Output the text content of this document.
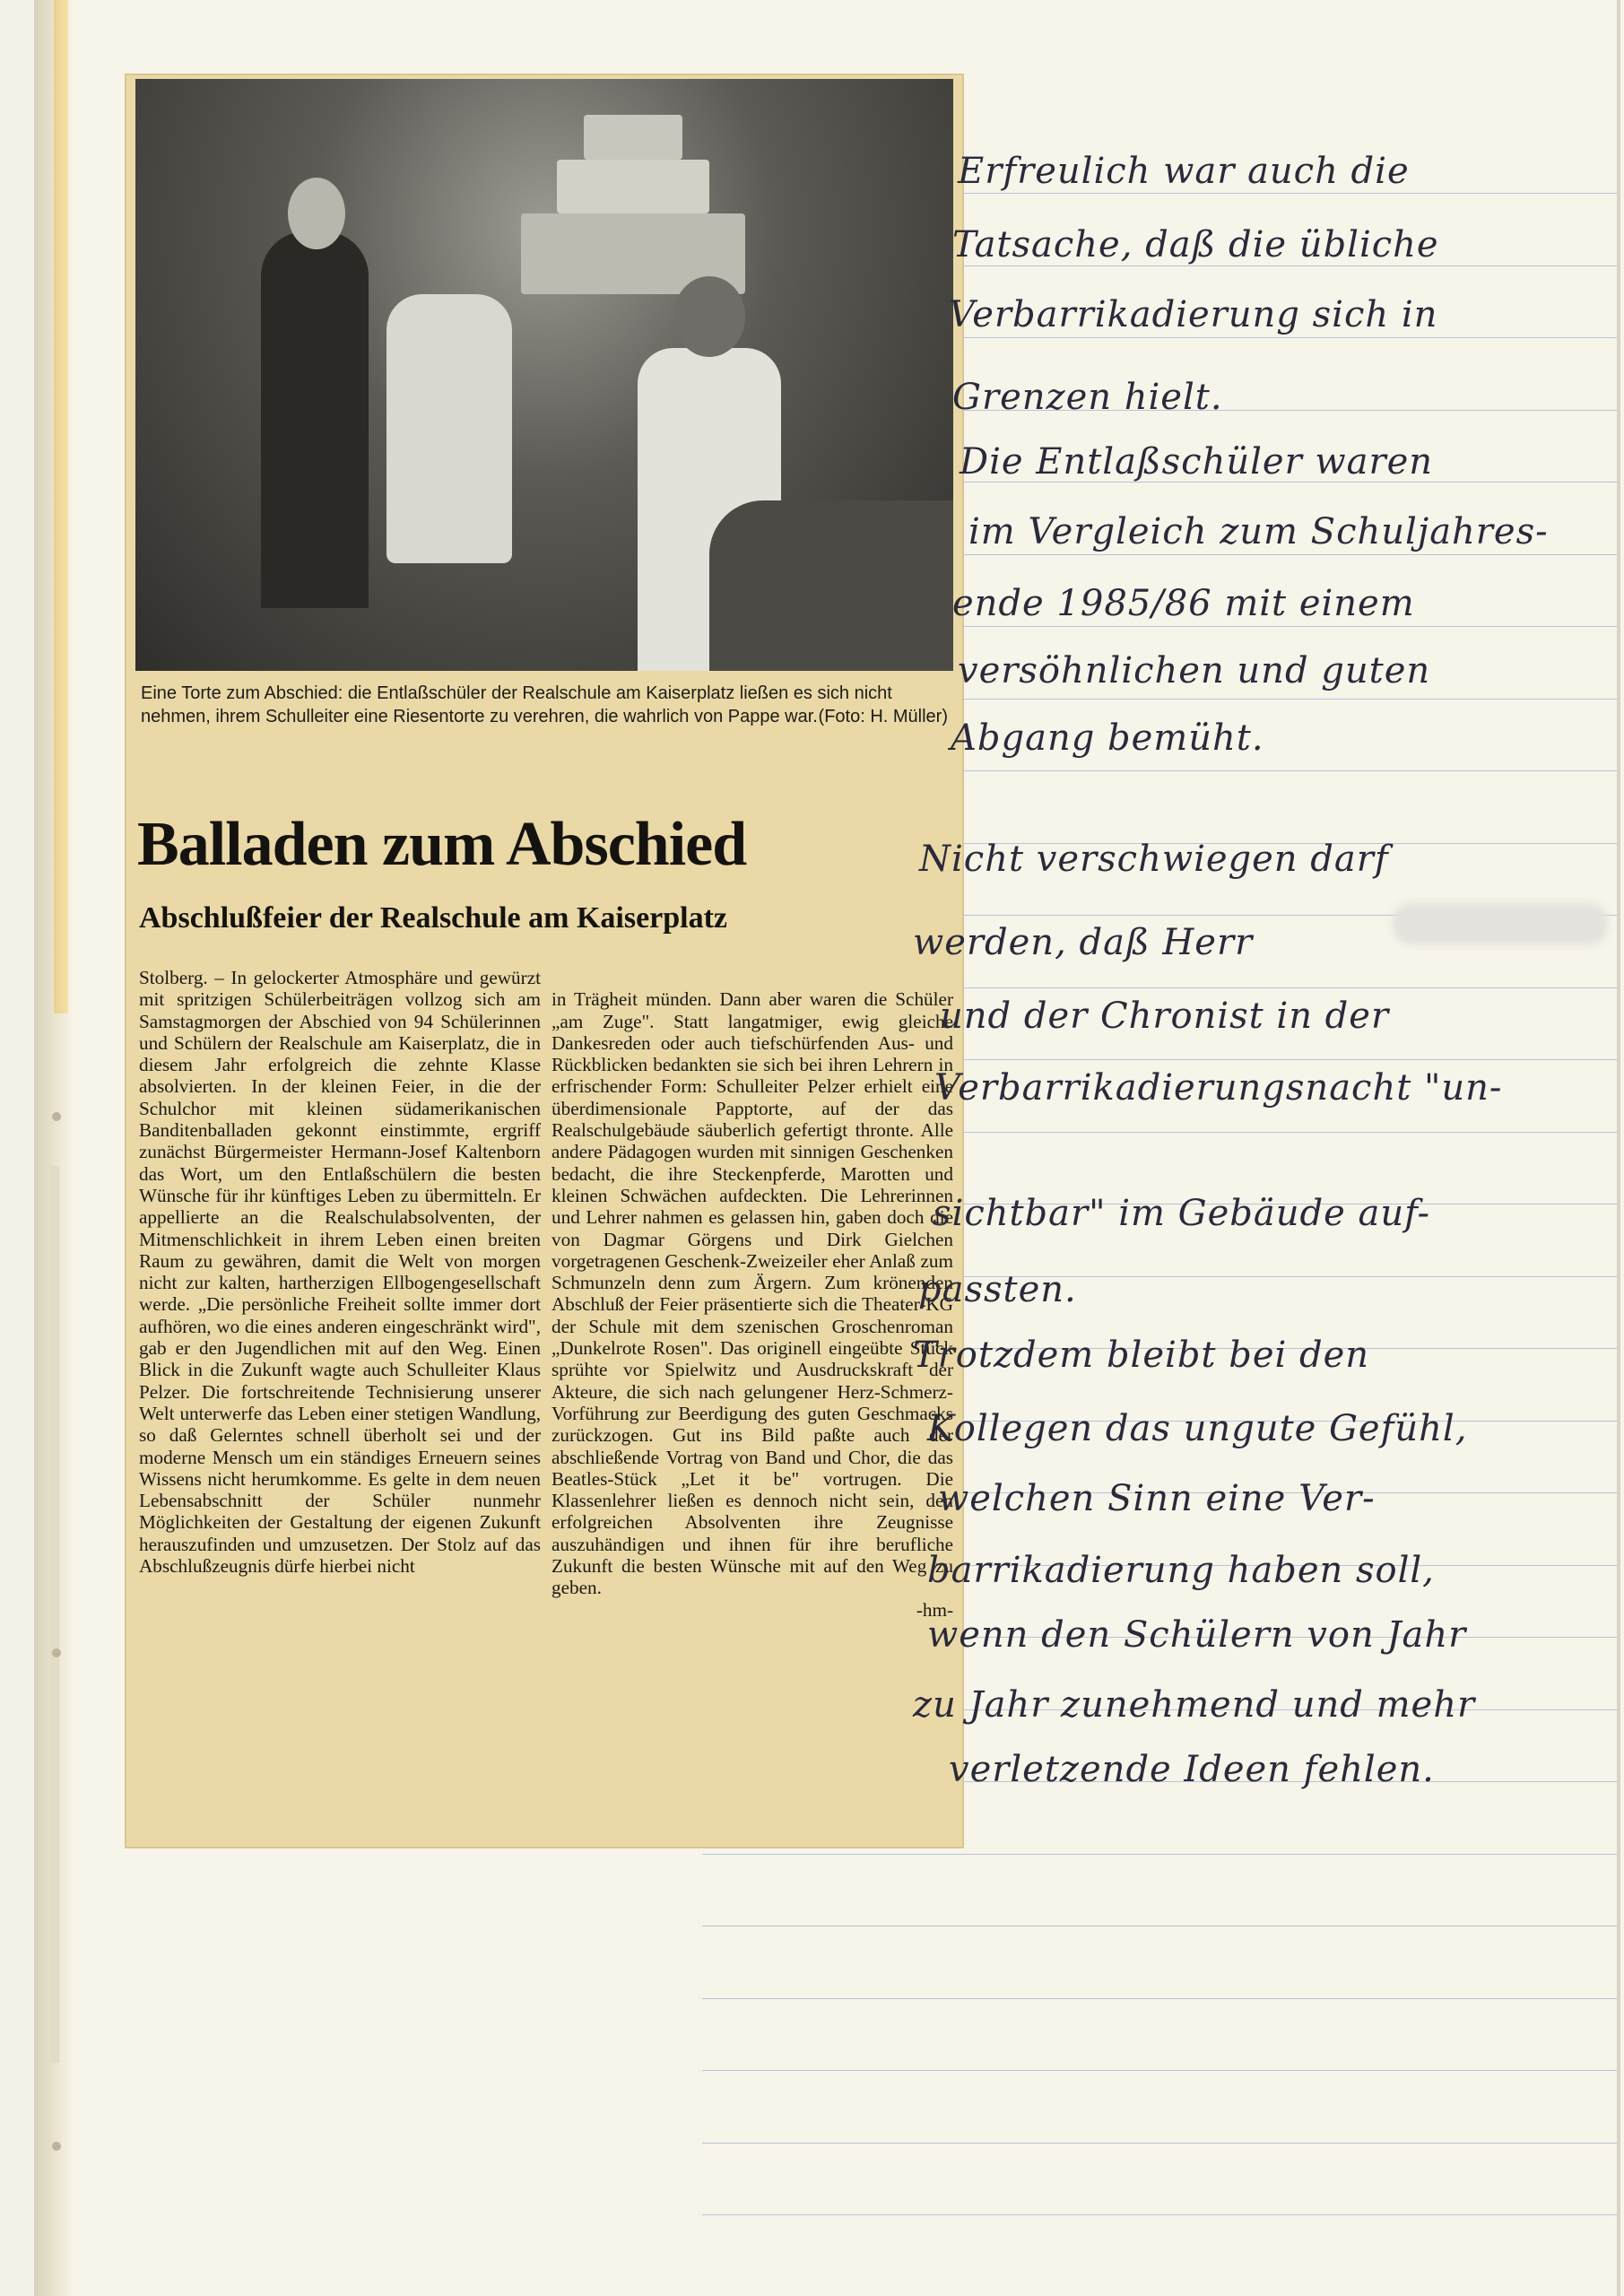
Eine Torte zum Abschied: die Entlaßschüler der Realschule am Kaiserplatz ließen es sich nicht nehmen, ihrem Schulleiter eine Riesentorte zu verehren, die wahrlich von Pappe war. (Foto: H. Müller)
Balladen zum Abschied
Abschlußfeier der Realschule am Kaiserplatz
Stolberg. – In gelockerter Atmosphäre und gewürzt mit spritzigen Schülerbeiträgen vollzog sich am Samstagmorgen der Abschied von 94 Schülerinnen und Schülern der Realschule am Kaiserplatz, die in diesem Jahr erfolgreich die zehnte Klasse absolvierten. In der kleinen Feier, in die der Schulchor mit kleinen südamerikanischen Banditenballaden gekonnt einstimmte, ergriff zunächst Bürgermeister Hermann-Josef Kaltenborn das Wort, um den Entlaßschülern die besten Wünsche für ihr künftiges Leben zu übermitteln. Er appellierte an die Realschulabsolventen, der Mitmenschlichkeit in ihrem Leben einen breiten Raum zu gewähren, damit die Welt von morgen nicht zur kalten, hartherzigen Ellbogengesellschaft werde. „Die persönliche Freiheit sollte immer dort aufhören, wo die eines anderen eingeschränkt wird", gab er den Jugendlichen mit auf den Weg. Einen Blick in die Zukunft wagte auch Schulleiter Klaus Pelzer. Die fortschreitende Technisierung unserer Welt unterwerfe das Leben einer stetigen Wandlung, so daß Gelerntes schnell überholt sei und der moderne Mensch um ein ständiges Erneuern seines Wissens nicht herumkomme. Es gelte in dem neuen Lebensabschnitt der Schüler nunmehr Möglichkeiten der Gestaltung der eigenen Zukunft herauszufinden und umzusetzen. Der Stolz auf das Abschlußzeugnis dürfe hierbei nicht

in Trägheit münden. Dann aber waren die Schüler „am Zuge". Statt langatmiger, ewig gleiche Dankesreden oder auch tiefschürfenden Aus- und Rückblicken bedankten sie sich bei ihren Lehrern in erfrischender Form: Schulleiter Pelzer erhielt eine überdimensionale Papptorte, auf der das Realschulgebäude säuberlich gefertigt thronte. Alle andere Pädagogen wurden mit sinnigen Geschenken bedacht, die ihre Steckenpferde, Marotten und kleinen Schwächen aufdeckten. Die Lehrerinnen und Lehrer nahmen es gelassen hin, gaben doch die von Dagmar Görgens und Dirk Gielchen vorgetragenen Geschenk-Zweizeiler eher Anlaß zum Schmunzeln denn zum Ärgern. Zum krönenden Abschluß der Feier präsentierte sich die Theater-KG der Schule mit dem szenischen Groschenroman „Dunkelrote Rosen". Das originell eingeübte Stück sprühte vor Spielwitz und Ausdruckskraft der Akteure, die sich nach gelungener Herz-Schmerz-Vorführung zur Beerdigung des guten Geschmacks zurückzogen. Gut ins Bild paßte auch der abschließende Vortrag von Band und Chor, die das Beatles-Stück „Let it be" vortrugen. Die Klassenlehrer ließen es dennoch nicht sein, den erfolgreichen Absolventen ihre Zeugnisse auszuhändigen und ihnen für ihre berufliche Zukunft die besten Wünsche mit auf den Weg zu geben.

-hm-

Erfreulich war auch die
Tatsache, daß die übliche
Verbarrikadierung sich in
Grenzen hielt.
Die Entlaßschüler waren
im Vergleich zum Schuljahres-
ende 1985/86 mit einem
versöhnlichen und guten
Abgang bemüht.
Nicht verschwiegen darf
werden, daß Herr
und der Chronist in der
Verbarrikadierungsnacht "un-
sichtbar" im Gebäude auf-
passten.
Trotzdem bleibt bei den
Kollegen das ungute Gefühl,
welchen Sinn eine Ver-
barrikadierung haben soll,
wenn den Schülern von Jahr
zu Jahr zunehmend und mehr
verletzende Ideen fehlen.
